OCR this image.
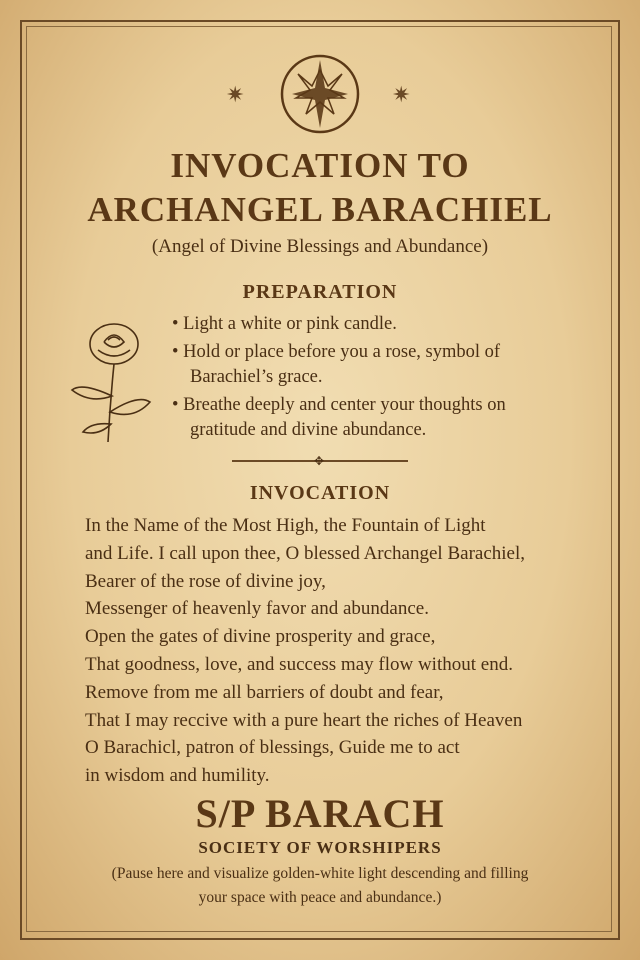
✷	✷
INVOCATION TO
ARCHANGEL BARACHIEL
(Angel of Divine Blessings and Abundance)
PREPARATION
• Light a white or pink candle.
• Hold or place before you a rose, symbol of Barachiel’s grace.
• Breathe deeply and center your thoughts on gratitude and divine abundance.
✥
INVOCATION
In the Name of the Most High, the Fountain of Light
and Life. I call upon thee, O blessed Archangel Barachiel,
Bearer of the rose of divine joy,
Messenger of heavenly favor and abundance.
Open the gates of divine prosperity and grace,
That goodness, love, and success may flow without end.
Remove from me all barriers of doubt and fear,
That I may reccive with a pure heart the riches of Heaven
O Barachicl, patron of blessings, Guide me to act
in wisdom and humility.
S/P BARACH
SOCIETY OF WORSHIPERS
(Pause here and visualize golden-white light descending and filling your space with peace and abundance.)
